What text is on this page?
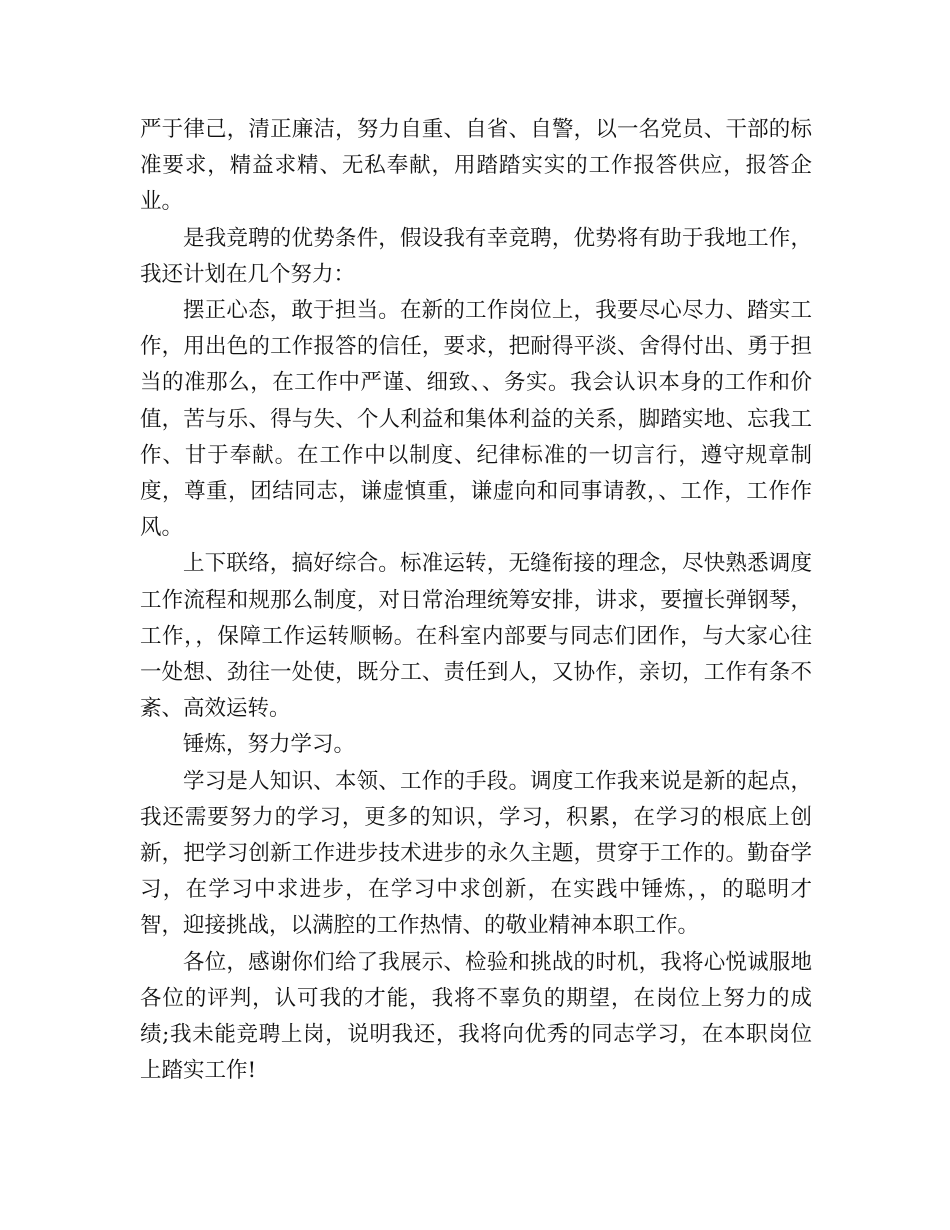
严于律己，清正廉洁，努力自重、自省、自警，以一名党员、干部的标准要求，精益求精、无私奉献，用踏踏实实的工作报答供应，报答企业。

是我竞聘的优势条件，假设我有幸竞聘，优势将有助于我地工作，我还计划在几个努力：

摆正心态，敢于担当。在新的工作岗位上，我要尽心尽力、踏实工作，用出色的工作报答的信任，要求，把耐得平淡、舍得付出、勇于担当的准那么，在工作中严谨、细致、、务实。我会认识本身的工作和价值，苦与乐、得与失、个人利益和集体利益的关系，脚踏实地、忘我工作、甘于奉献。在工作中以制度、纪律标准的一切言行，遵守规章制度，尊重，团结同志，谦虚慎重，谦虚向和同事请教，、工作，工作作风。

上下联络，搞好综合。标准运转，无缝衔接的理念，尽快熟悉调度工作流程和规那么制度，对日常治理统筹安排，讲求，要擅长弹钢琴，工作，，保障工作运转顺畅。在科室内部要与同志们团作，与大家心往一处想、劲往一处使，既分工、责任到人，又协作，亲切，工作有条不紊、高效运转。

锤炼，努力学习。

学习是人知识、本领、工作的手段。调度工作我来说是新的起点，我还需要努力的学习，更多的知识，学习，积累，在学习的根底上创新，把学习创新工作进步技术进步的永久主题，贯穿于工作的。勤奋学习，在学习中求进步，在学习中求创新，在实践中锤炼，，的聪明才智，迎接挑战，以满腔的工作热情、的敬业精神本职工作。

各位，感谢你们给了我展示、检验和挑战的时机，我将心悦诚服地各位的评判，认可我的才能，我将不辜负的期望，在岗位上努力的成绩;我未能竞聘上岗，说明我还，我将向优秀的同志学习，在本职岗位上踏实工作!
